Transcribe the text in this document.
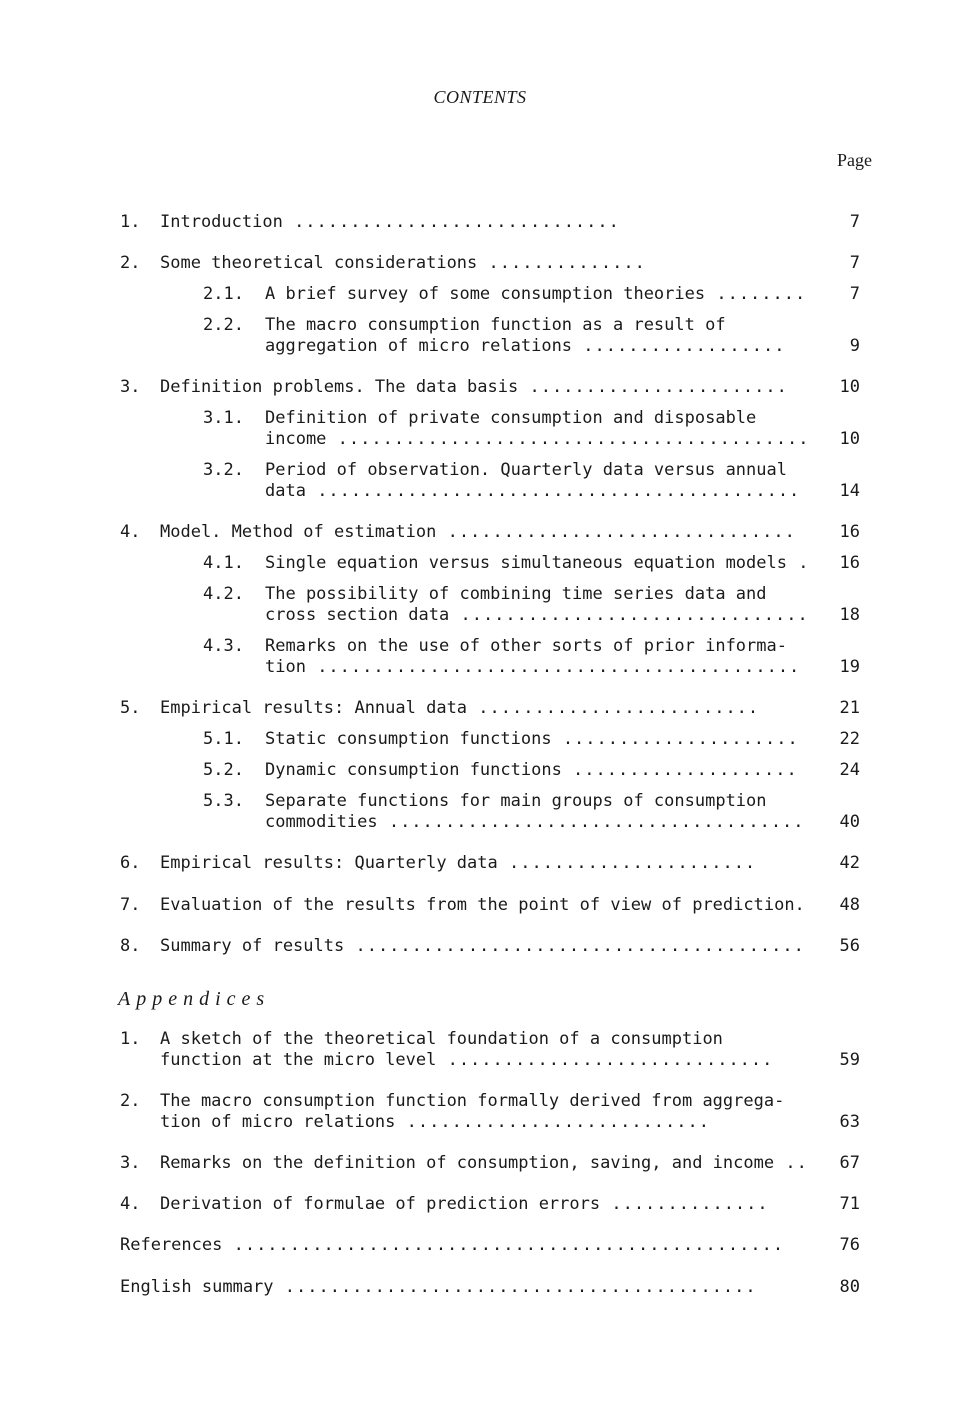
CONTENTS
Page
1. Introduction .............................	7
2. Some theoretical considerations ..............	7
2.1. A brief survey of some consumption theories ........	7
2.2. The macro consumption function as a result of
aggregation of micro relations ..................	9
3. Definition problems. The data basis .......................	10
3.1. Definition of private consumption and disposable
income .......................................... 10
3.2. Period of observation. Quarterly data versus annual
data ........................................... 14
4. Model. Method of estimation ...............................	16
4.1. Single equation versus simultaneous equation models . 16
4.2. The possibility of combining time series data and
cross section data ............................... 18
4.3. Remarks on the use of other sorts of prior informa-
tion ........................................... 19
5. Empirical results: Annual data .........................	21
5.1. Static consumption functions ..................... 22
5.2. Dynamic consumption functions .................... 24
5.3. Separate functions for main groups of consumption
commodities ..................................... 40
6. Empirical results: Quarterly data ......................	42
7. Evaluation of the results from the point of view of prediction. 48
8. Summary of results ........................................ 56
Appendices
1. A sketch of the theoretical foundation of a consumption
function at the micro level .............................	59
2. The macro consumption function formally derived from aggrega-
tion of micro relations ...........................	63
3. Remarks on the definition of consumption, saving, and income .. 67
4. Derivation of formulae of prediction errors ..............	71
References .................................................	76
English summary ..........................................	80
